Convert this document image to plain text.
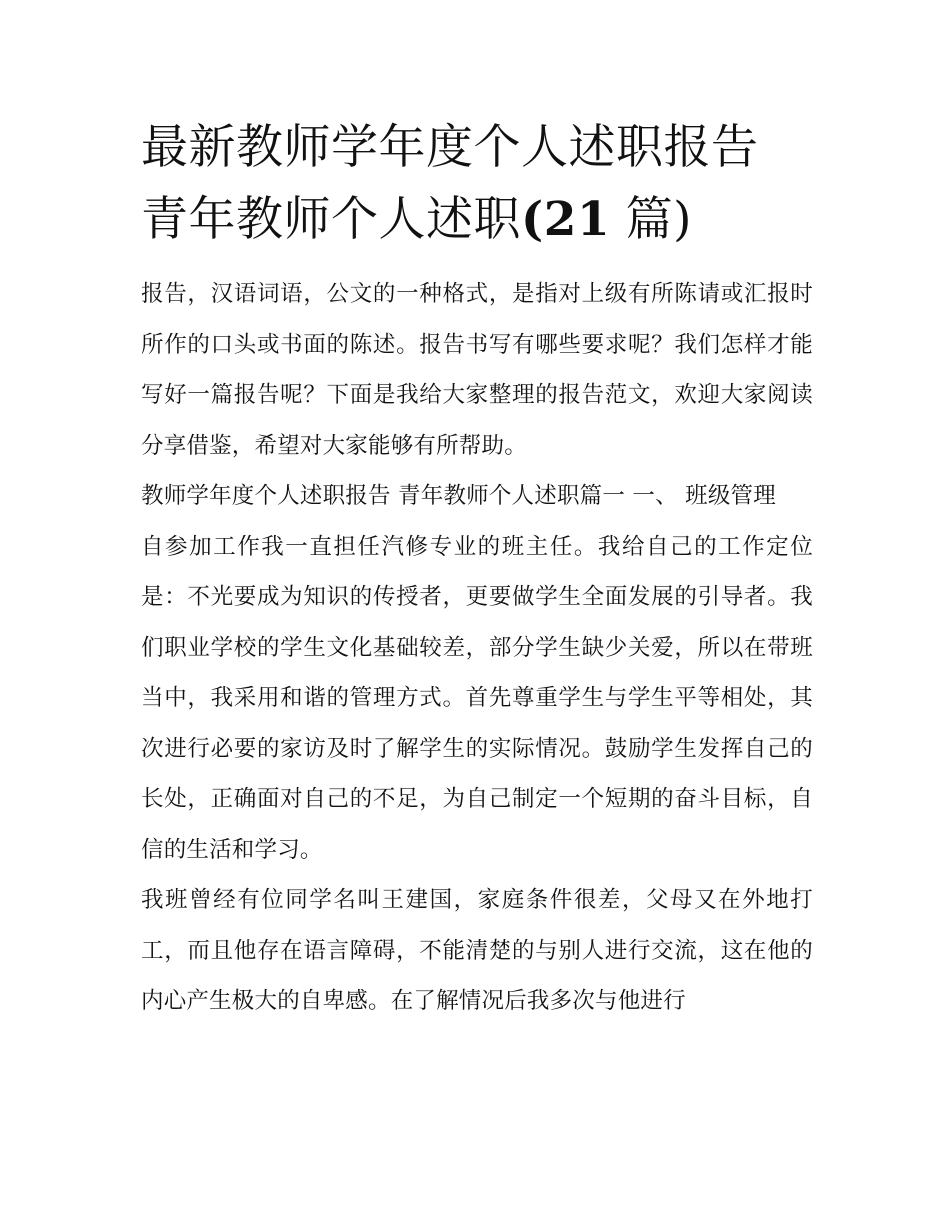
最新教师学年度个人述职报告
青年教师个人述职(21 篇)

报告，汉语词语，公文的一种格式，是指对上级有所陈请或汇报时所作的口头或书面的陈述。报告书写有哪些要求呢？我们怎样才能写好一篇报告呢？下面是我给大家整理的报告范文，欢迎大家阅读分享借鉴，希望对大家能够有所帮助。

教师学年度个人述职报告 青年教师个人述职篇一 一、 班级管理

自参加工作我一直担任汽修专业的班主任。我给自己的工作定位是：不光要成为知识的传授者，更要做学生全面发展的引导者。我们职业学校的学生文化基础较差，部分学生缺少关爱，所以在带班当中，我采用和谐的管理方式。首先尊重学生与学生平等相处，其次进行必要的家访及时了解学生的实际情况。鼓励学生发挥自己的长处，正确面对自己的不足，为自己制定一个短期的奋斗目标，自信的生活和学习。

我班曾经有位同学名叫王建国，家庭条件很差，父母又在外地打工，而且他存在语言障碍，不能清楚的与别人进行交流，这在他的内心产生极大的自卑感。在了解情况后我多次与他进行
